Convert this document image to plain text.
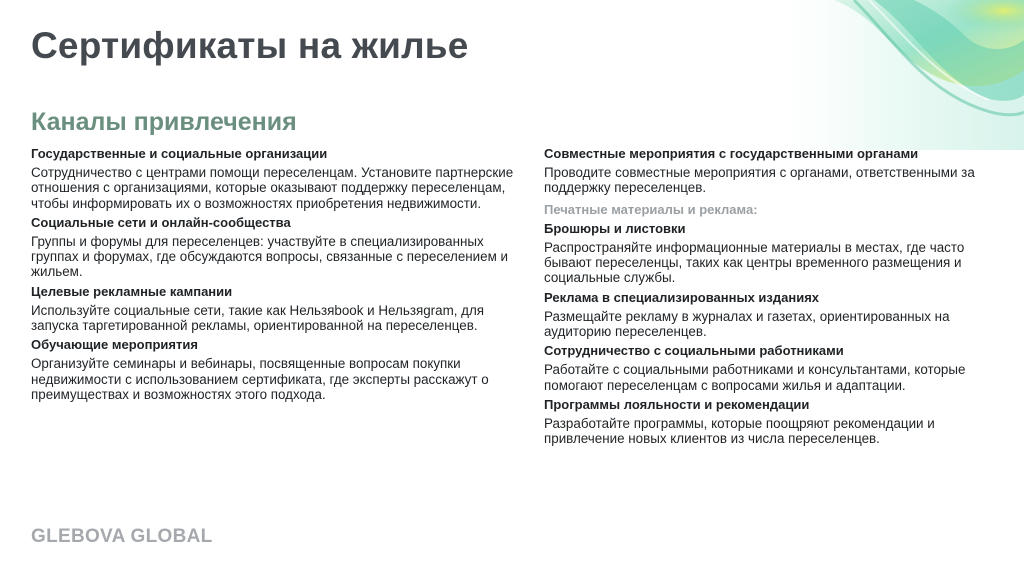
Сертификаты на жилье
Каналы привлечения
Государственные и социальные организации
Сотрудничество с центрами помощи переселенцам. Установите партнерские отношения с организациями, которые оказывают поддержку переселенцам, чтобы информировать их о возможностях приобретения недвижимости.
Социальные сети и онлайн-сообщества
Группы и форумы для переселенцев: участвуйте в специализированных группах и форумах, где обсуждаются вопросы, связанные с переселением и жильем.
Целевые рекламные кампании
Используйте социальные сети, такие как Нельзяbook и Нельзяgram, для запуска таргетированной рекламы, ориентированной на переселенцев.
Обучающие мероприятия
Организуйте семинары и вебинары, посвященные вопросам покупки недвижимости с использованием сертификата, где эксперты расскажут о преимуществах и возможностях этого подхода.
Совместные мероприятия с государственными органами
Проводите совместные мероприятия с органами, ответственными за поддержку переселенцев.
Печатные материалы и реклама:
Брошюры и листовки
Распространяйте информационные материалы в местах, где часто бывают переселенцы, таких как центры временного размещения и социальные службы.
Реклама в специализированных изданиях
Размещайте рекламу в журналах и газетах, ориентированных на аудиторию переселенцев.
Сотрудничество с социальными работниками
Работайте с социальными работниками и консультантами, которые помогают переселенцам с вопросами жилья и адаптации.
Программы лояльности и рекомендации
Разработайте программы, которые поощряют рекомендации и привлечение новых клиентов из числа переселенцев.
GLEBOVA GLOBAL
